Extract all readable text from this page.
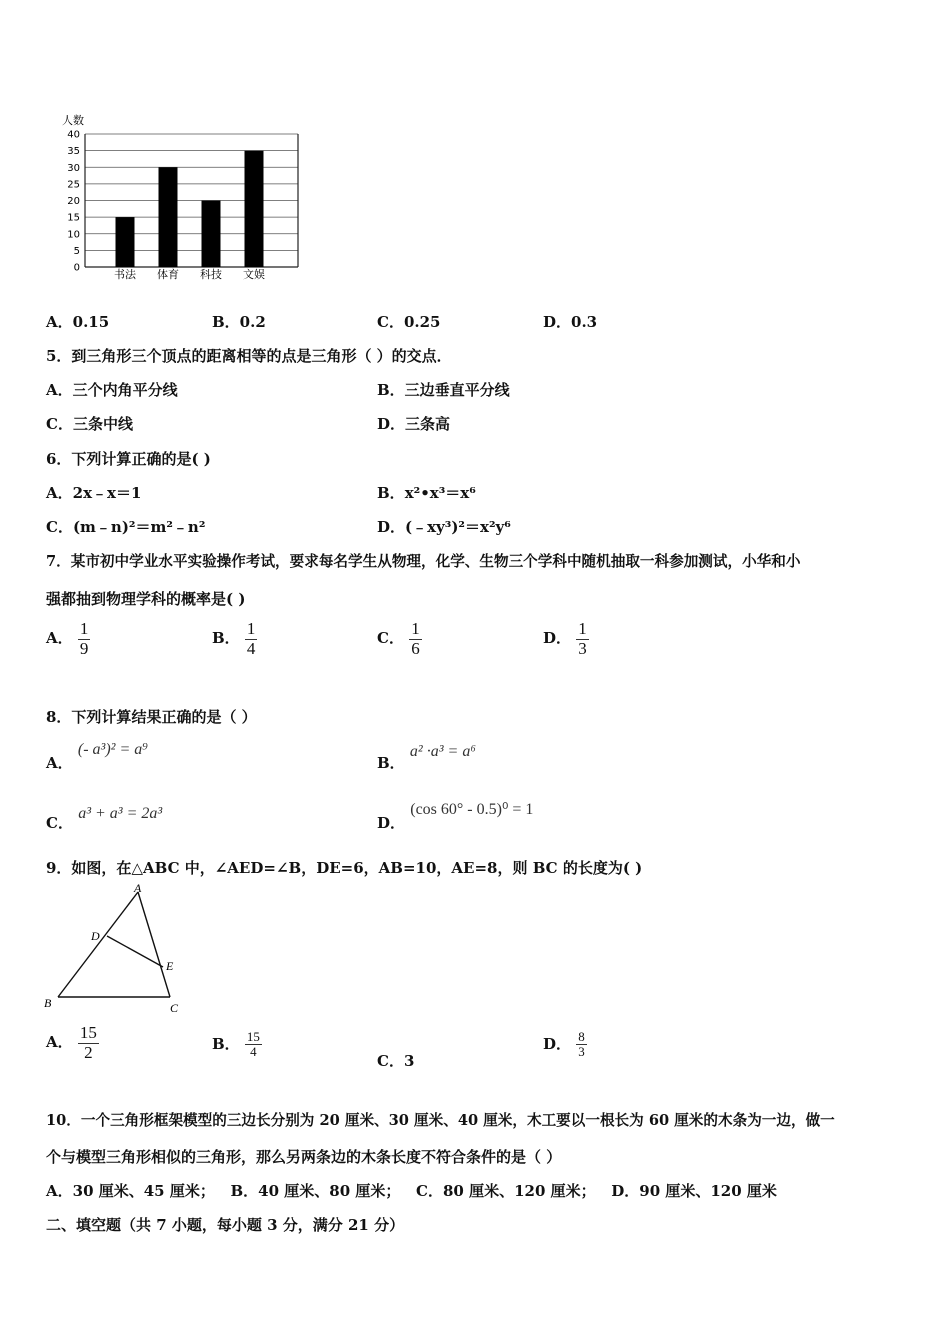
人数
0
5
10
15
20
25
30
35
40
书法 体育 科技 文娱
A．0.15	B．0.2	C．0.25	D．0.3
5．到三角形三个顶点的距离相等的点是三角形（ ）的交点．
A．三个内角平分线	B．三边垂直平分线
C．三条中线	D．三条高
6．下列计算正确的是( )
A．2x﹣x＝1	B．x²•x³＝x⁶
C．(m﹣n)²＝m²﹣n²	D．(﹣xy³)²＝x²y⁶
7．某市初中学业水平实验操作考试，要求每名学生从物理，化学、生物三个学科中随机抽取一科参加测试，小华和小
强都抽到物理学科的概率是( )
A． $\frac{1}{9}$	B． $\frac{1}{4}$	C． $\frac{1}{6}$	D． $\frac{1}{3}$
8．下列计算结果正确的是（ ）
A． (- a³)² = a⁹
B． a² ·a³ = a⁶
C． a³ + a³ = 2a³
D． (cos 60° - 0.5)⁰ = 1
9．如图，在△ABC 中，∠AED=∠B，DE=6，AB=10，AE=8，则 BC 的长度为( )
A
B	C
D
E
A． $\frac{15}{2}$	B． $\frac{15}{4}$
C．3
D． $\frac{8}{3}$
10．一个三角形框架模型的三边长分别为 20 厘米、30 厘米、40 厘米，木工要以一根长为 60 厘米的木条为一边，做一
个与模型三角形相似的三角形，那么另两条边的木条长度不符合条件的是（ ）
A．30 厘米、45 厘米；   B．40 厘米、80 厘米；   C．80 厘米、120 厘米；   D．90 厘米、120 厘米
二、填空题（共 7 小题，每小题 3 分，满分 21 分）
